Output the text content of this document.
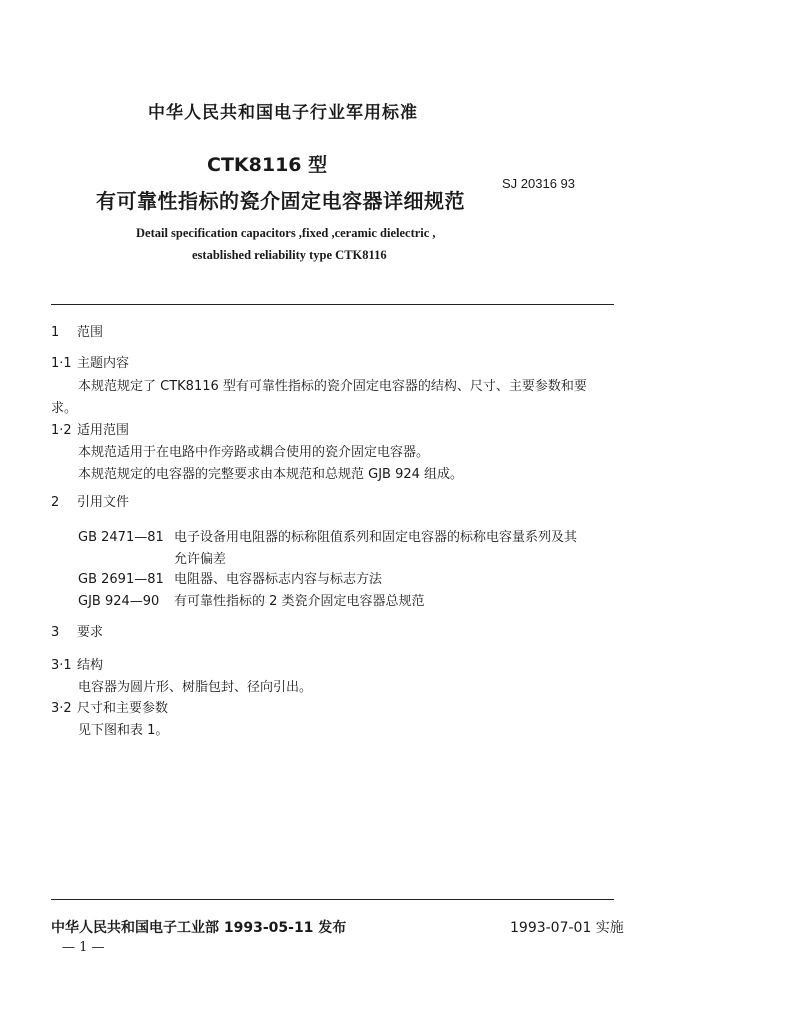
中华人民共和国电子行业军用标准
CTK8116 型
有可靠性指标的瓷介固定电容器详细规范
SJ 20316 93
Detail specification capacitors ,fixed ,ceramic dielectric ,
established reliability type CTK8116
1 范围
1·1 主题内容
本规范规定了 CTK8116 型有可靠性指标的瓷介固定电容器的结构、尺寸、主要参数和要
求。
1·2 适用范围
本规范适用于在电路中作旁路或耦合使用的瓷介固定电容器。
本规范规定的电容器的完整要求由本规范和总规范 GJB 924 组成。
2 引用文件
GB 2471—81 电子设备用电阻器的标称阻值系列和固定电容器的标称电容量系列及其
允许偏差
GB 2691—81 电阻器、电容器标志内容与标志方法
GJB 924—90 有可靠性指标的 2 类瓷介固定电容器总规范
3 要求
3·1 结构
电容器为圆片形、树脂包封、径向引出。
3·2 尺寸和主要参数
见下图和表 1。
中华人民共和国电子工业部 1993-05-11 发布	1993-07-01 实施
— 1 —
